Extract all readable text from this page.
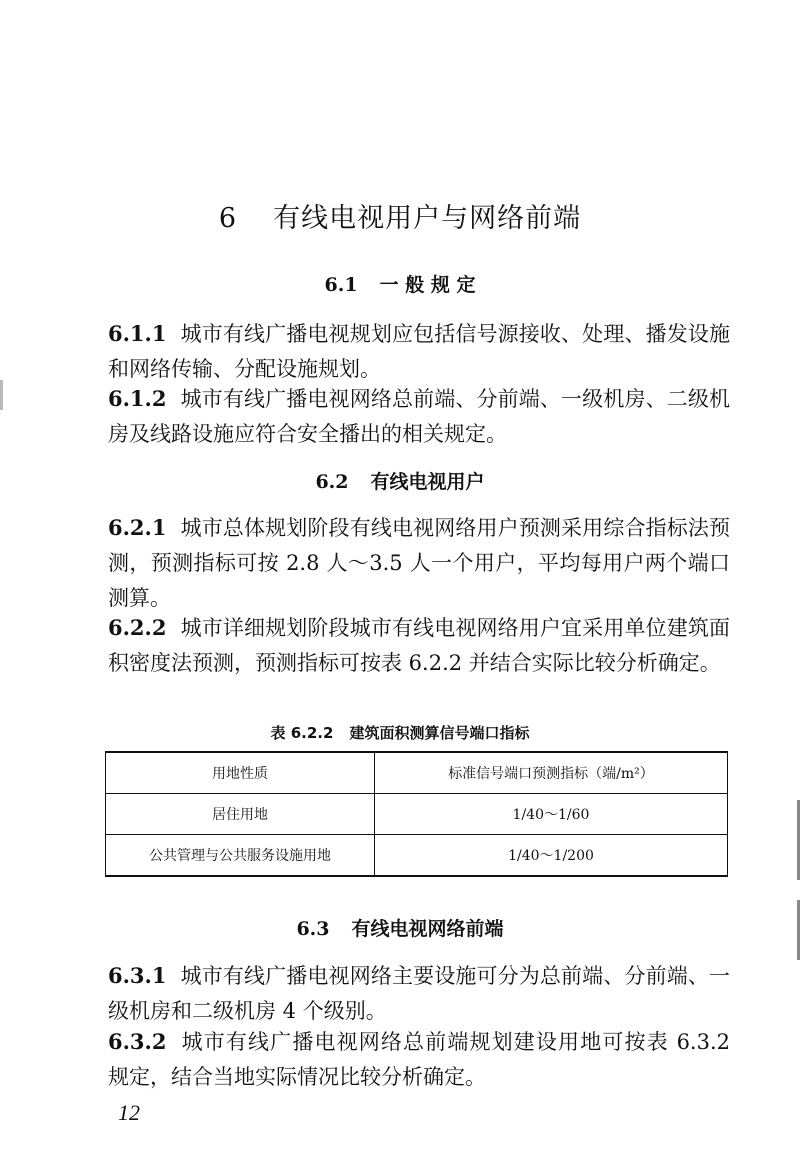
6 有线电视用户与网络前端
6.1 一 般 规 定
6.1.1 城市有线广播电视规划应包括信号源接收、处理、播发设施和网络传输、分配设施规划。
6.1.2 城市有线广播电视网络总前端、分前端、一级机房、二级机房及线路设施应符合安全播出的相关规定。
6.2 有线电视用户
6.2.1 城市总体规划阶段有线电视网络用户预测采用综合指标法预测，预测指标可按 2.8 人～3.5 人一个用户，平均每用户两个端口测算。
6.2.2 城市详细规划阶段城市有线电视网络用户宜采用单位建筑面积密度法预测，预测指标可按表 6.2.2 并结合实际比较分析确定。
表 6.2.2 建筑面积测算信号端口指标
用地性质	标准信号端口预测指标（端/m²）
居住用地	1/40～1/60
公共管理与公共服务设施用地	1/40～1/200
6.3 有线电视网络前端
6.3.1 城市有线广播电视网络主要设施可分为总前端、分前端、一级机房和二级机房 4 个级别。
6.3.2 城市有线广播电视网络总前端规划建设用地可按表 6.3.2 规定，结合当地实际情况比较分析确定。
12
